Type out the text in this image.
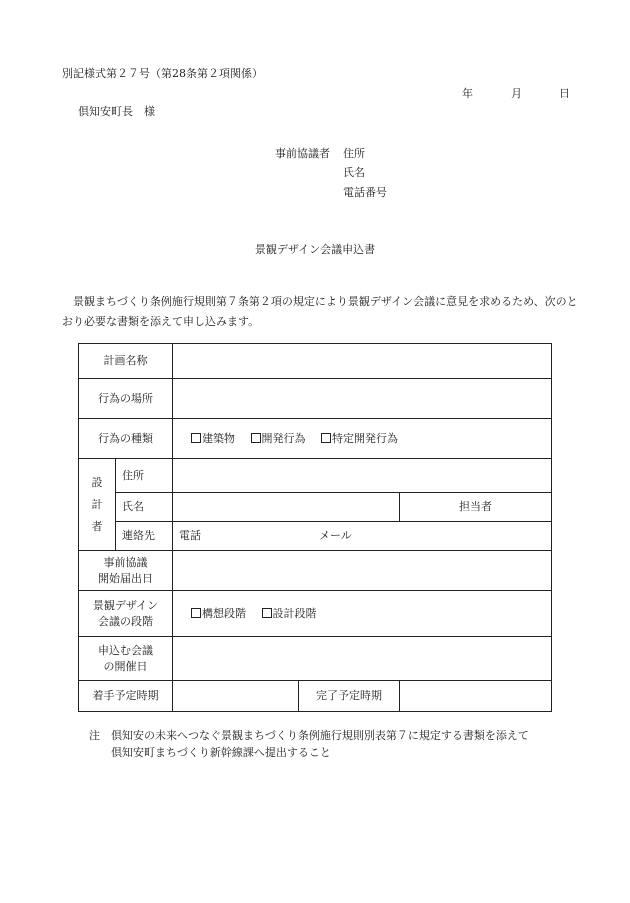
別記様式第２７号（第28条第２項関係）
年	月	日
倶知安町長　様
事前協議者 住所
氏名
電話番号
景観デザイン会議申込書
景観まちづくり条例施行規則第７条第２項の規定により景観デザイン会議に意見を求めるため、次のとおり必要な書類を添えて申し込みます。
計画名称					
行為の場所					
行為の種類		建築物 開発行為 特定開発行為			
設
計
者	住所				
	氏名			担当者	
	連絡先	電話 メール			
事前協議
開始届出日					
景観デザイン
会議の段階		構想段階 設計段階			
申込む会議
の開催日					
着手予定時期			完了予定時期		
注 倶知安の未来へつなぐ景観まちづくり条例施行規則別表第７に規定する書類を添えて
倶知安町まちづくり新幹線課へ提出すること
